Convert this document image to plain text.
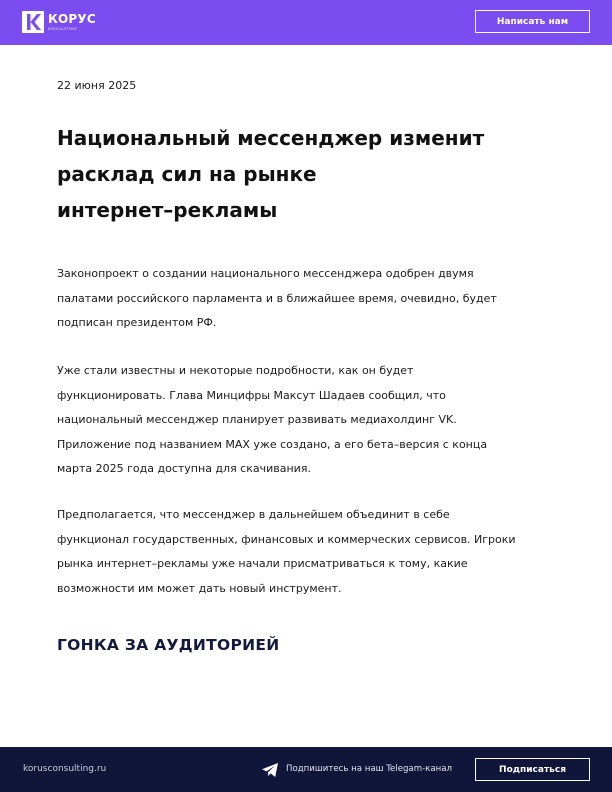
КОРУС
КОНСАЛТИНГ
Написать нам
22 июня 2025
Национальный мессенджер изменит
расклад сил на рынке
интернет–рекламы

Законопроект о создании национального мессенджера одобрен двумя
палатами российского парламента и в ближайшее время, очевидно, будет
подписан президентом РФ.

Уже стали известны и некоторые подробности, как он будет
функционировать. Глава Минцифры Максут Шадаев сообщил, что
национальный мессенджер планирует развивать медиахолдинг VK.
Приложение под названием MAX уже создано, а его бета–версия с конца
марта 2025 года доступна для скачивания.

Предполагается, что мессенджер в дальнейшем объединит в себе
функционал государственных, финансовых и коммерческих сервисов. Игроки
рынка интернет–рекламы уже начали присматриваться к тому, какие
возможности им может дать новый инструмент.

ГОНКА ЗА АУДИТОРИЕЙ
korusconsulting.ru	Подпишитесь на наш Telegam-канал	Подписаться
